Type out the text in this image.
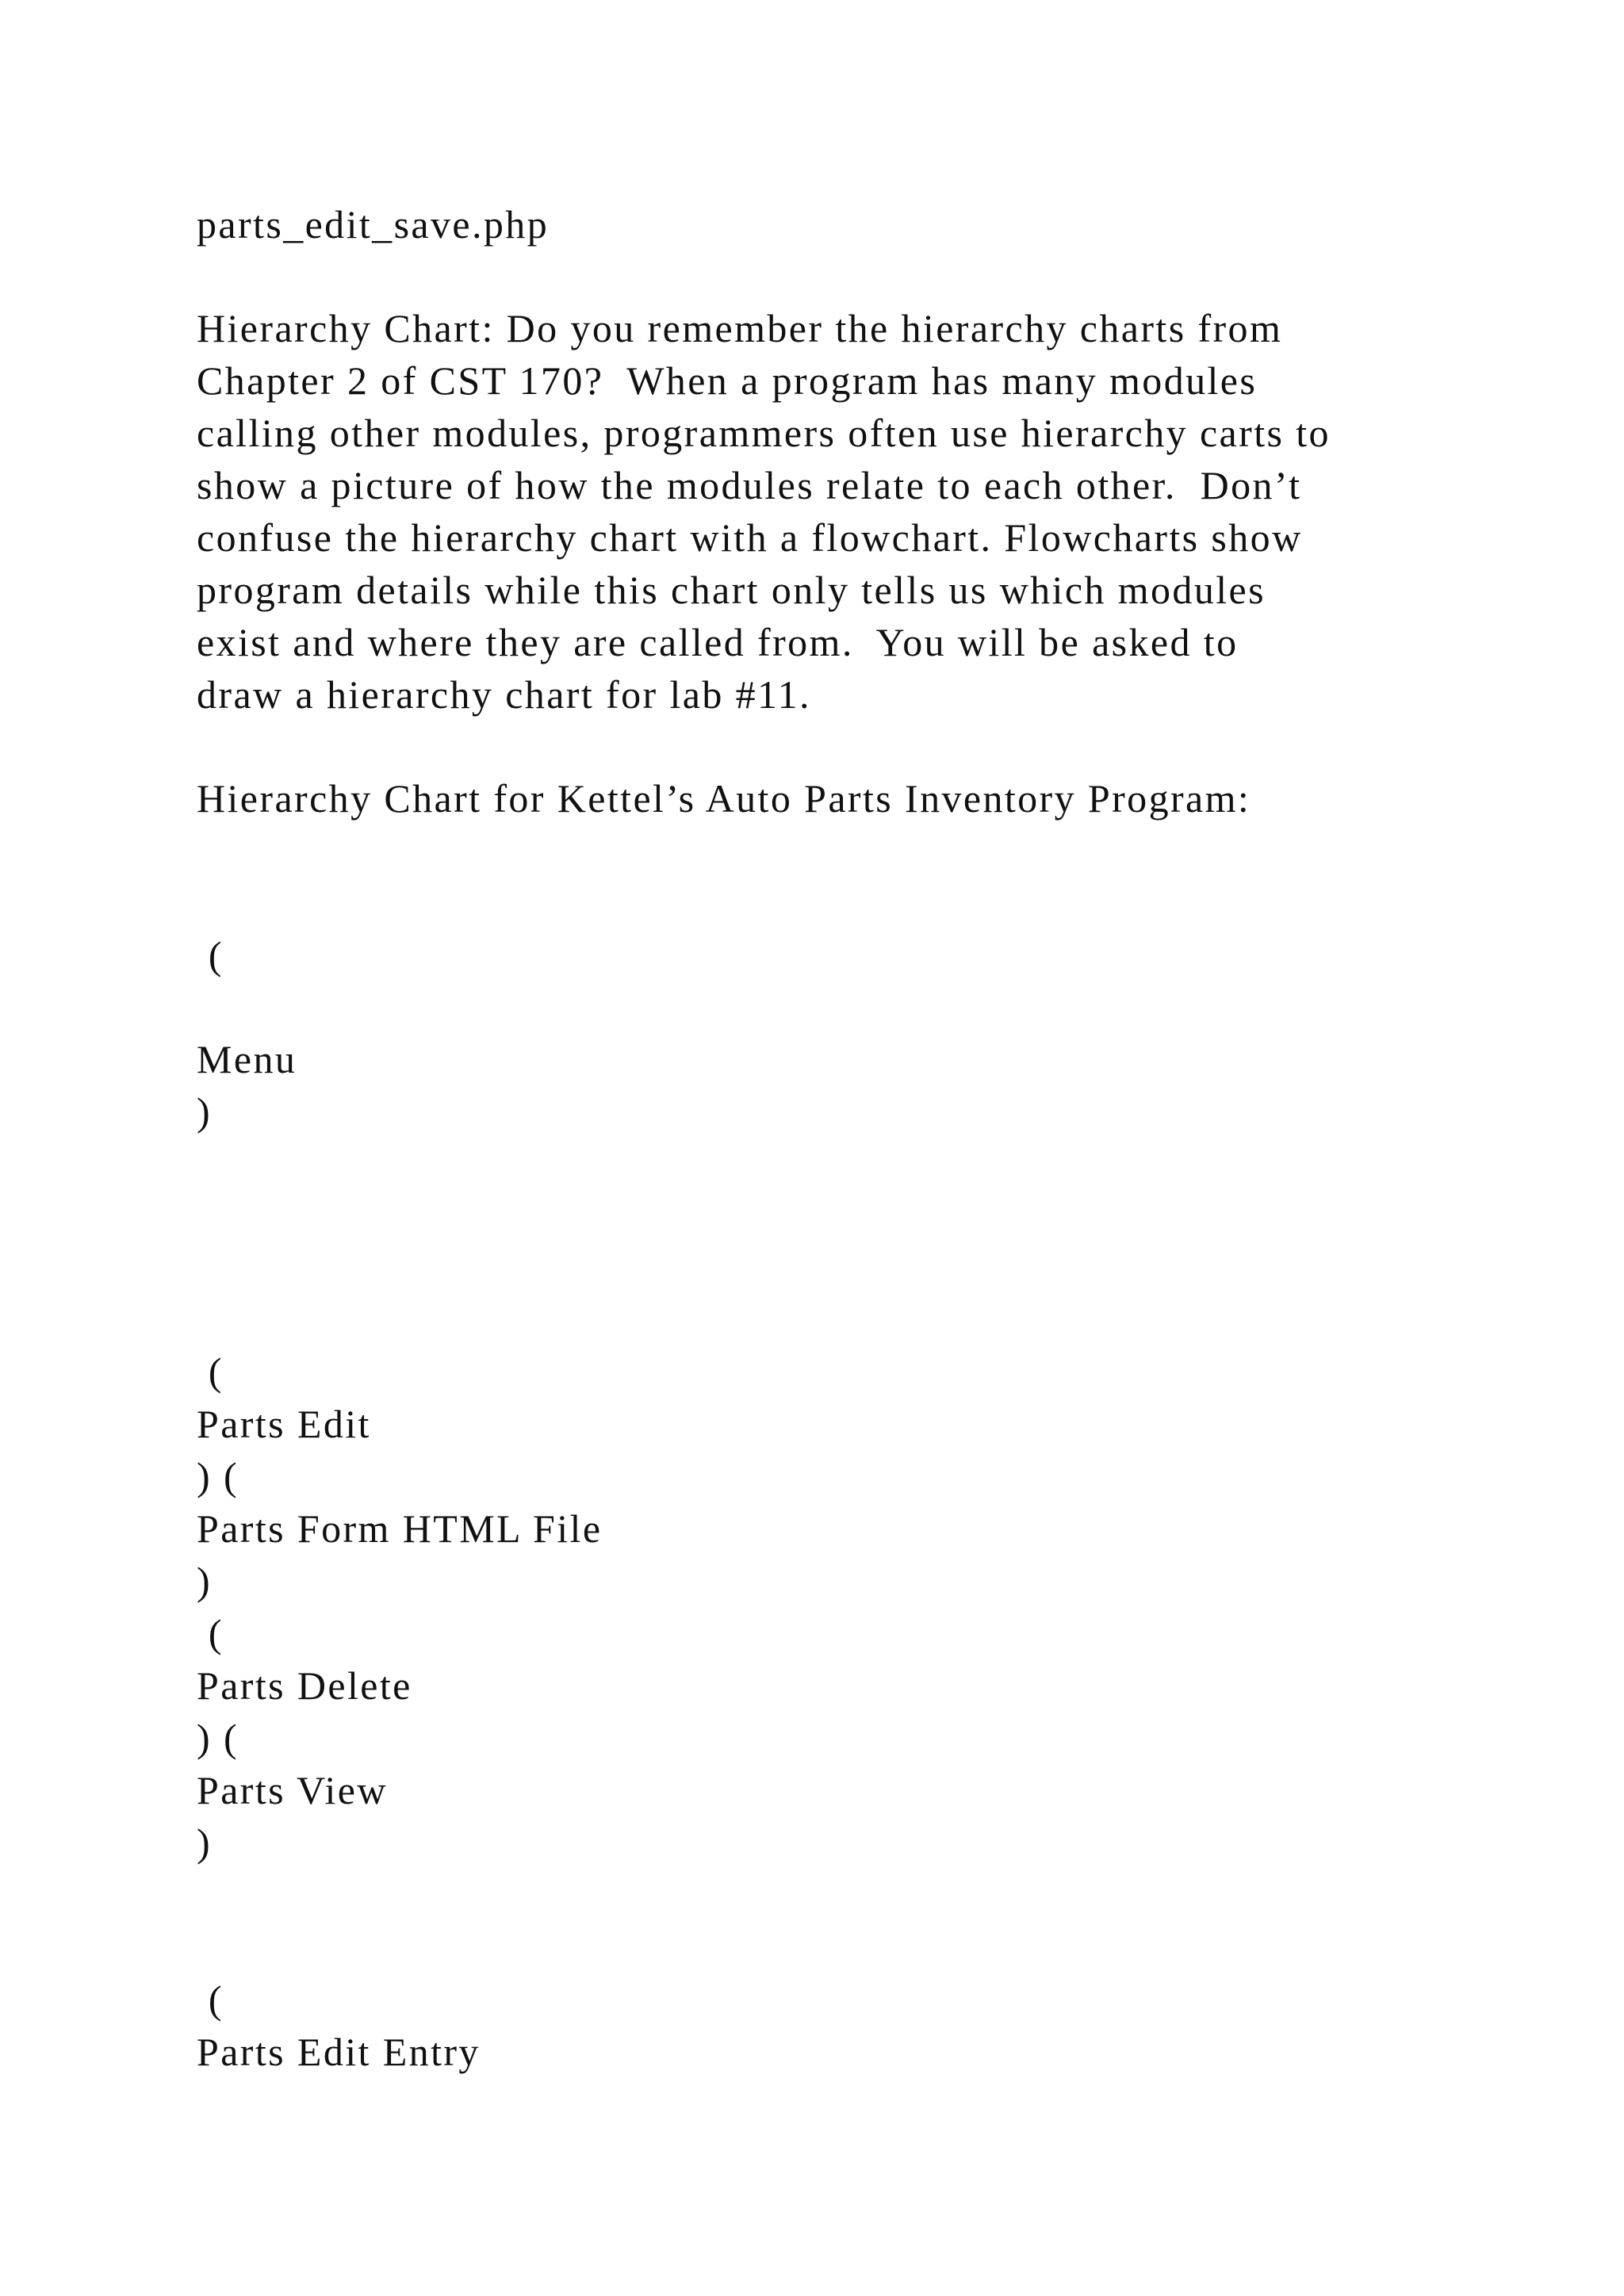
parts_edit_save.php
Hierarchy Chart: Do you remember the hierarchy charts from
Chapter 2 of CST 170?  When a program has many modules
calling other modules, programmers often use hierarchy carts to
show a picture of how the modules relate to each other.  Don’t
confuse the hierarchy chart with a flowchart. Flowcharts show
program details while this chart only tells us which modules
exist and where they are called from.  You will be asked to
draw a hierarchy chart for lab #11.
Hierarchy Chart for Kettel’s Auto Parts Inventory Program:
(
Menu
)
(
Parts Edit
) (
Parts Form HTML File
)
(
Parts Delete
) (
Parts View
)
(
Parts Edit Entry
